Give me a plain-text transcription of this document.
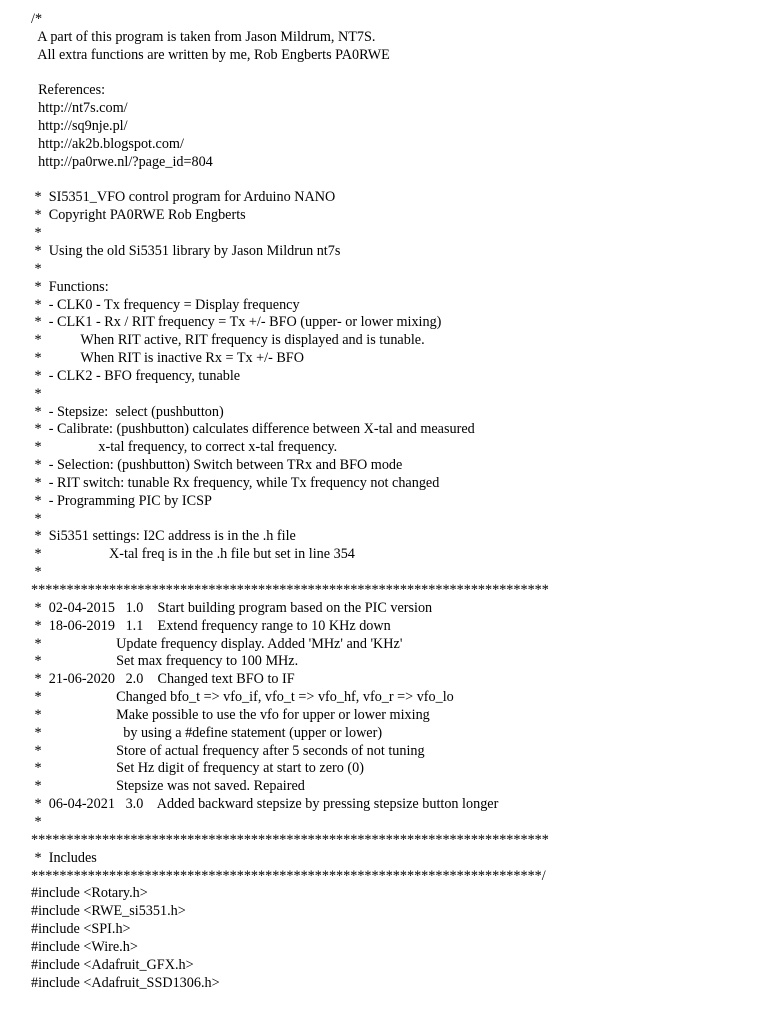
/*
A part of this program is taken from Jason Mildrum, NT7S.
All extra functions are written by me, Rob Engberts PA0RWE
References:
http://nt7s.com/
http://sq9nje.pl/
http://ak2b.blogspot.com/
http://pa0rwe.nl/?page_id=804
*  SI5351_VFO control program for Arduino NANO
*  Copyright PA0RWE Rob Engberts
*
*  Using the old Si5351 library by Jason Mildrun nt7s
*
*  Functions:
*  - CLK0 - Tx frequency = Display frequency
*  - CLK1 - Rx / RIT frequency = Tx +/- BFO (upper- or lower mixing)
*           When RIT active, RIT frequency is displayed and is tunable.
*           When RIT is inactive Rx = Tx +/- BFO
*  - CLK2 - BFO frequency, tunable
*
*  - Stepsize:  select (pushbutton)
*  - Calibrate: (pushbutton) calculates difference between X-tal and measured
*                x-tal frequency, to correct x-tal frequency.
*  - Selection: (pushbutton) Switch between TRx and BFO mode
*  - RIT switch: tunable Rx frequency, while Tx frequency not changed
*  - Programming PIC by ICSP
*
*  Si5351 settings: I2C address is in the .h file
*                   X-tal freq is in the .h file but set in line 354
*
*************************************************************************
*  02-04-2015   1.0    Start building program based on the PIC version
*  18-06-2019   1.1    Extend frequency range to 10 KHz down
*                     Update frequency display. Added 'MHz' and 'KHz'
*                     Set max frequency to 100 MHz.
*  21-06-2020   2.0    Changed text BFO to IF
*                     Changed bfo_t => vfo_if, vfo_t => vfo_hf, vfo_r => vfo_lo
*                     Make possible to use the vfo for upper or lower mixing
*                       by using a #define statement (upper or lower)
*                     Store of actual frequency after 5 seconds of not tuning
*                     Set Hz digit of frequency at start to zero (0)
*                     Stepsize was not saved. Repaired
*  06-04-2021   3.0    Added backward stepsize by pressing stepsize button longer
*
*************************************************************************
*  Includes
************************************************************************/
#include <Rotary.h>
#include <RWE_si5351.h>
#include <SPI.h>
#include <Wire.h>
#include <Adafruit_GFX.h>
#include <Adafruit_SSD1306.h>
